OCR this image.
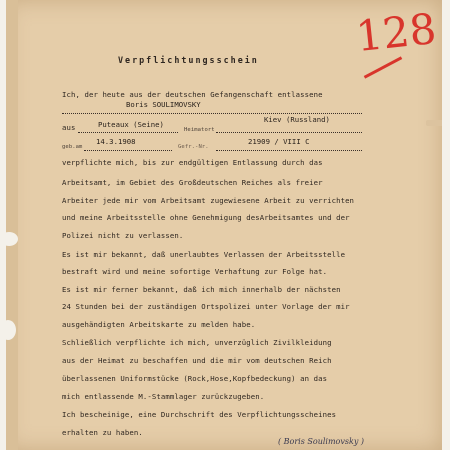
128
Verpflichtungsschein
Ich, der heute aus der deutschen Gefangenschaft entlassene
Boris SOULIMOVSKY
aus	Puteaux (Seine)
Heimatort
Kiev (Russland)
geb.am
14.3.1908
Gefr.-Nr.
21909 / VIII C
verpflichte mich, bis zur endgültigen Entlassung durch das
Arbeitsamt, im Gebiet des Großdeutschen Reiches als freier
Arbeiter jede mir vom Arbeitsamt zugewiesene Arbeit zu verrichten
und meine Arbeitsstelle ohne Genehmigung desArbeitsamtes und der
Polizei nicht zu verlassen.
Es ist mir bekannt, daß unerlaubtes Verlassen der Arbeitsstelle
bestraft wird und meine sofortige Verhaftung zur Folge hat.
Es ist mir ferner bekannt, daß ich mich innerhalb der nächsten
24 Stunden bei der zuständigen Ortspolizei unter Vorlage der mir
ausgehändigten Arbeitskarte zu melden habe.
Schließlich verpflichte ich mich, unverzüglich Zivilkleidung
aus der Heimat zu beschaffen und die mir vom deutschen Reich
überlassenen Uniformstücke (Rock,Hose,Kopfbedeckung) an das
mich entlassende M.-Stammlager zurückzugeben.
Ich bescheinige, eine Durchschrift des Verpflichtungsscheines
erhalten zu haben.
( Boris Soulimovsky )
